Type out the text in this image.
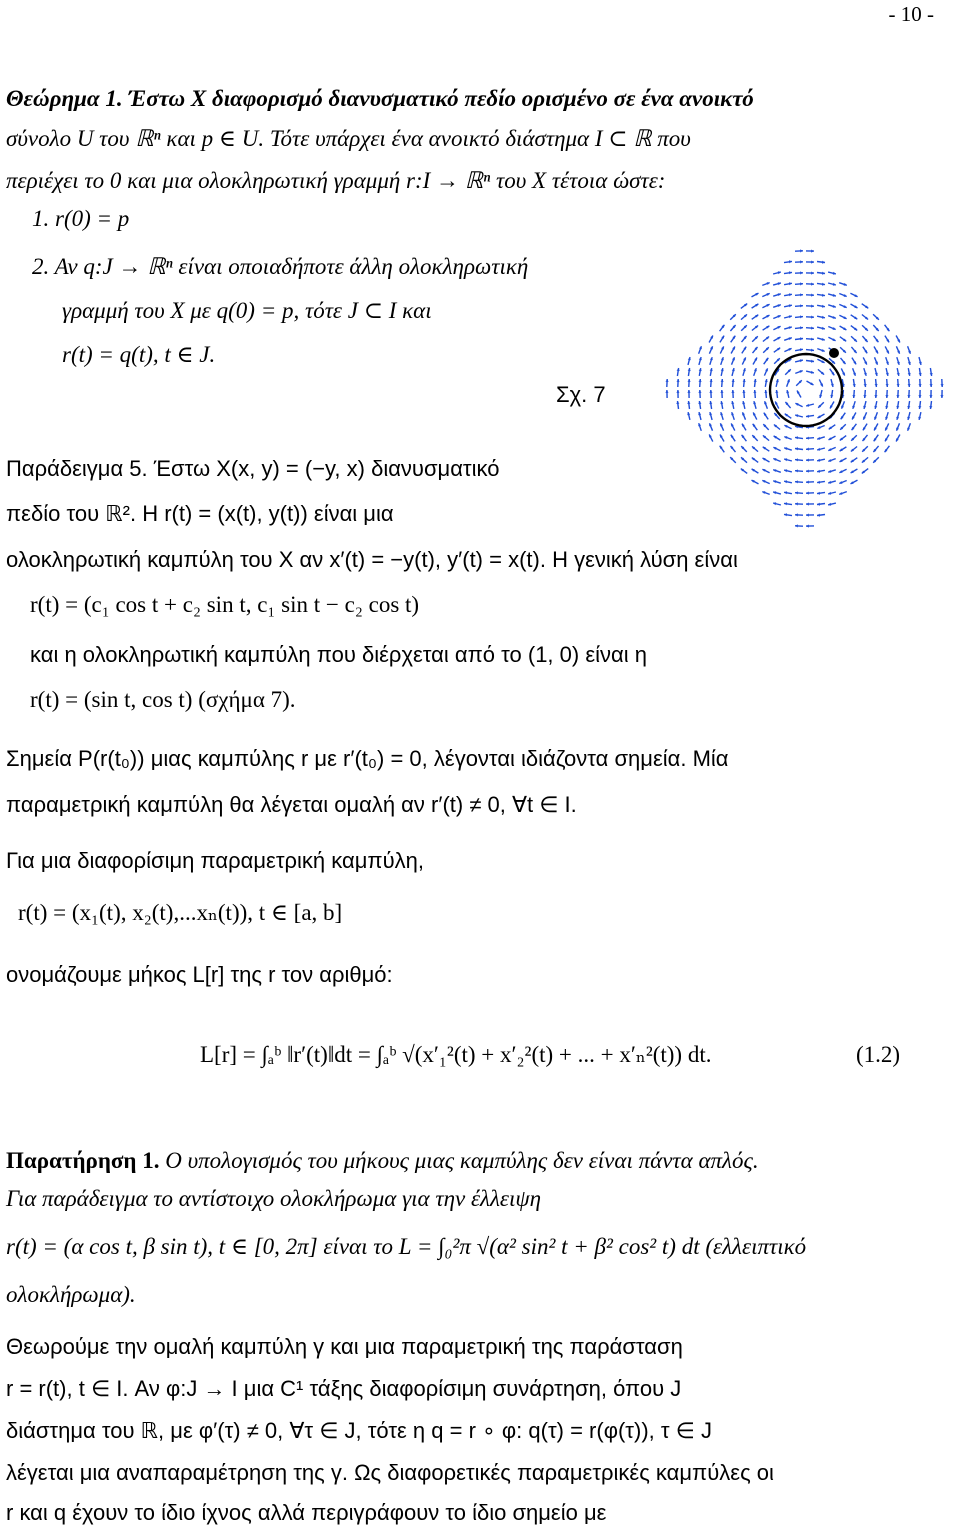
- 10 -
Θεώρημα 1. Έστω X διαφορισμό διανυσματικό πεδίο ορισμένο σε ένα ανοικτό
σύνολο U του ℝⁿ και p ∈ U. Τότε υπάρχει ένα ανοικτό διάστημα I ⊂ ℝ που
περιέχει το 0 και μια ολοκληρωτική γραμμή r:I → ℝⁿ του X τέτοια ώστε:
1. r(0) = p
2. Αν q:J → ℝⁿ είναι οποιαδήποτε άλλη ολοκληρωτική
γραμμή του X με q(0) = p, τότε J ⊂ I και
r(t) = q(t), t ∈ J.
Σχ. 7
Παράδειγμα 5. Έστω X(x, y) = (−y, x) διανυσματικό
πεδίο του ℝ². Η r(t) = (x(t), y(t)) είναι μια
ολοκληρωτική καμπύλη του X αν x′(t) = −y(t), y′(t) = x(t). Η γενική λύση είναι
r(t) = (c₁ cos t + c₂ sin t, c₁ sin t − c₂ cos t)
και η ολοκληρωτική καμπύλη που διέρχεται από το (1, 0) είναι η
r(t) = (sin t, cos t) (σχήμα 7).
Σημεία P(r(t₀)) μιας καμπύλης r με r′(t₀) = 0, λέγονται ιδιάζοντα σημεία. Μία
παραμετρική καμπύλη θα λέγεται ομαλή αν r′(t) ≠ 0, ∀t ∈ I.
Για μια διαφορίσιμη παραμετρική καμπύλη,
r(t) = (x₁(t), x₂(t),...xₙ(t)), t ∈ [a, b]
ονομάζουμε μήκος L[r] της r τον αριθμό:
L[r] = ∫ₐᵇ ‖r′(t)‖dt = ∫ₐᵇ √(x′₁²(t) + x′₂²(t) + ... + x′ₙ²(t)) dt.	(1.2)
Παρατήρηση 1. Ο υπολογισμός του μήκους μιας καμπύλης δεν είναι πάντα απλός.
Για παράδειγμα το αντίστοιχο ολοκλήρωμα για την έλλειψη
r(t) = (α cos t, β sin t), t ∈ [0, 2π] είναι το L = ∫₀²π √(α² sin² t + β² cos² t) dt (ελλειπτικό
ολοκλήρωμα).
Θεωρούμε την ομαλή καμπύλη γ και μια παραμετρική της παράσταση
r = r(t), t ∈ I. Αν φ:J → I μια C¹ τάξης διαφορίσιμη συνάρτηση, όπου J
διάστημα του ℝ, με φ′(τ) ≠ 0, ∀τ ∈ J, τότε η q = r ∘ φ: q(τ) = r(φ(τ)), τ ∈ J
λέγεται μια αναπαραμέτρηση της γ. Ως διαφορετικές παραμετρικές καμπύλες οι
r και q έχουν το ίδιο ίχνος αλλά περιγράφουν το ίδιο σημείο με
